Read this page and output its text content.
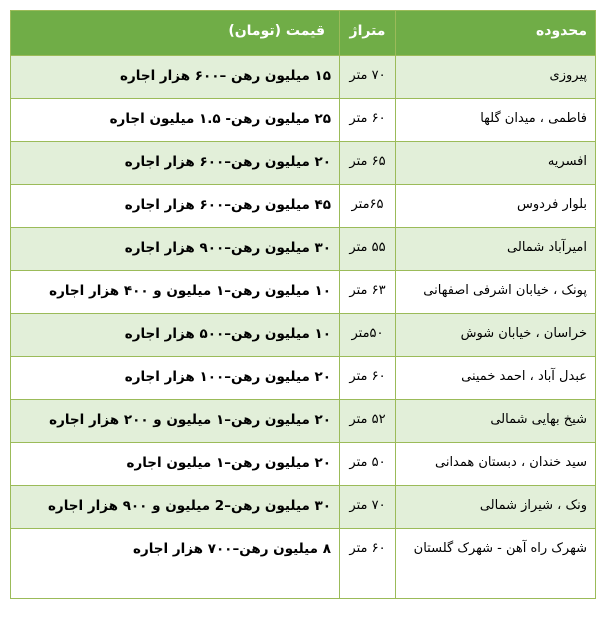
محدوده	متراژ	قیمت (تومان)
پیروزی	۷۰ متر	۱۵ میلیون رهن –۶۰۰ هزار اجاره
فاطمی ، میدان گلها	۶۰ متر	۲۵ میلیون رهن- ۱.۵ میلیون اجاره
افسریه	۶۵ متر	۲۰ میلیون رهن–۶۰۰ هزار اجاره
بلوار فردوس	۶۵متر	۴۵ میلیون رهن–۶۰۰ هزار اجاره
امیرآباد شمالی	۵۵ متر	۳۰ میلیون رهن–۹۰۰ هزار اجاره
پونک ، خیابان اشرفی اصفهانی	۶۳ متر	۱۰ میلیون رهن–۱ میلیون و ۴۰۰ هزار اجاره
خراسان ، خیابان شوش	۵۰متر	۱۰ میلیون رهن–۵۰۰ هزار اجاره
عبدل آباد ، احمد خمینی	۶۰ متر	۲۰ میلیون رهن–۱۰۰ هزار اجاره
شیخ بهایی شمالی	۵۲ متر	۲۰ میلیون رهن–۱ میلیون و ۲۰۰ هزار اجاره
سید خندان ، دبستان همدانی	۵۰ متر	۲۰ میلیون رهن–۱ میلیون اجاره
ونک ، شیراز شمالی	۷۰ متر	۳۰ میلیون رهن–2 میلیون و ۹۰۰ هزار اجاره
شهرک راه آهن - شهرک گلستان	۶۰ متر	۸ میلیون رهن–۷۰۰ هزار اجاره
